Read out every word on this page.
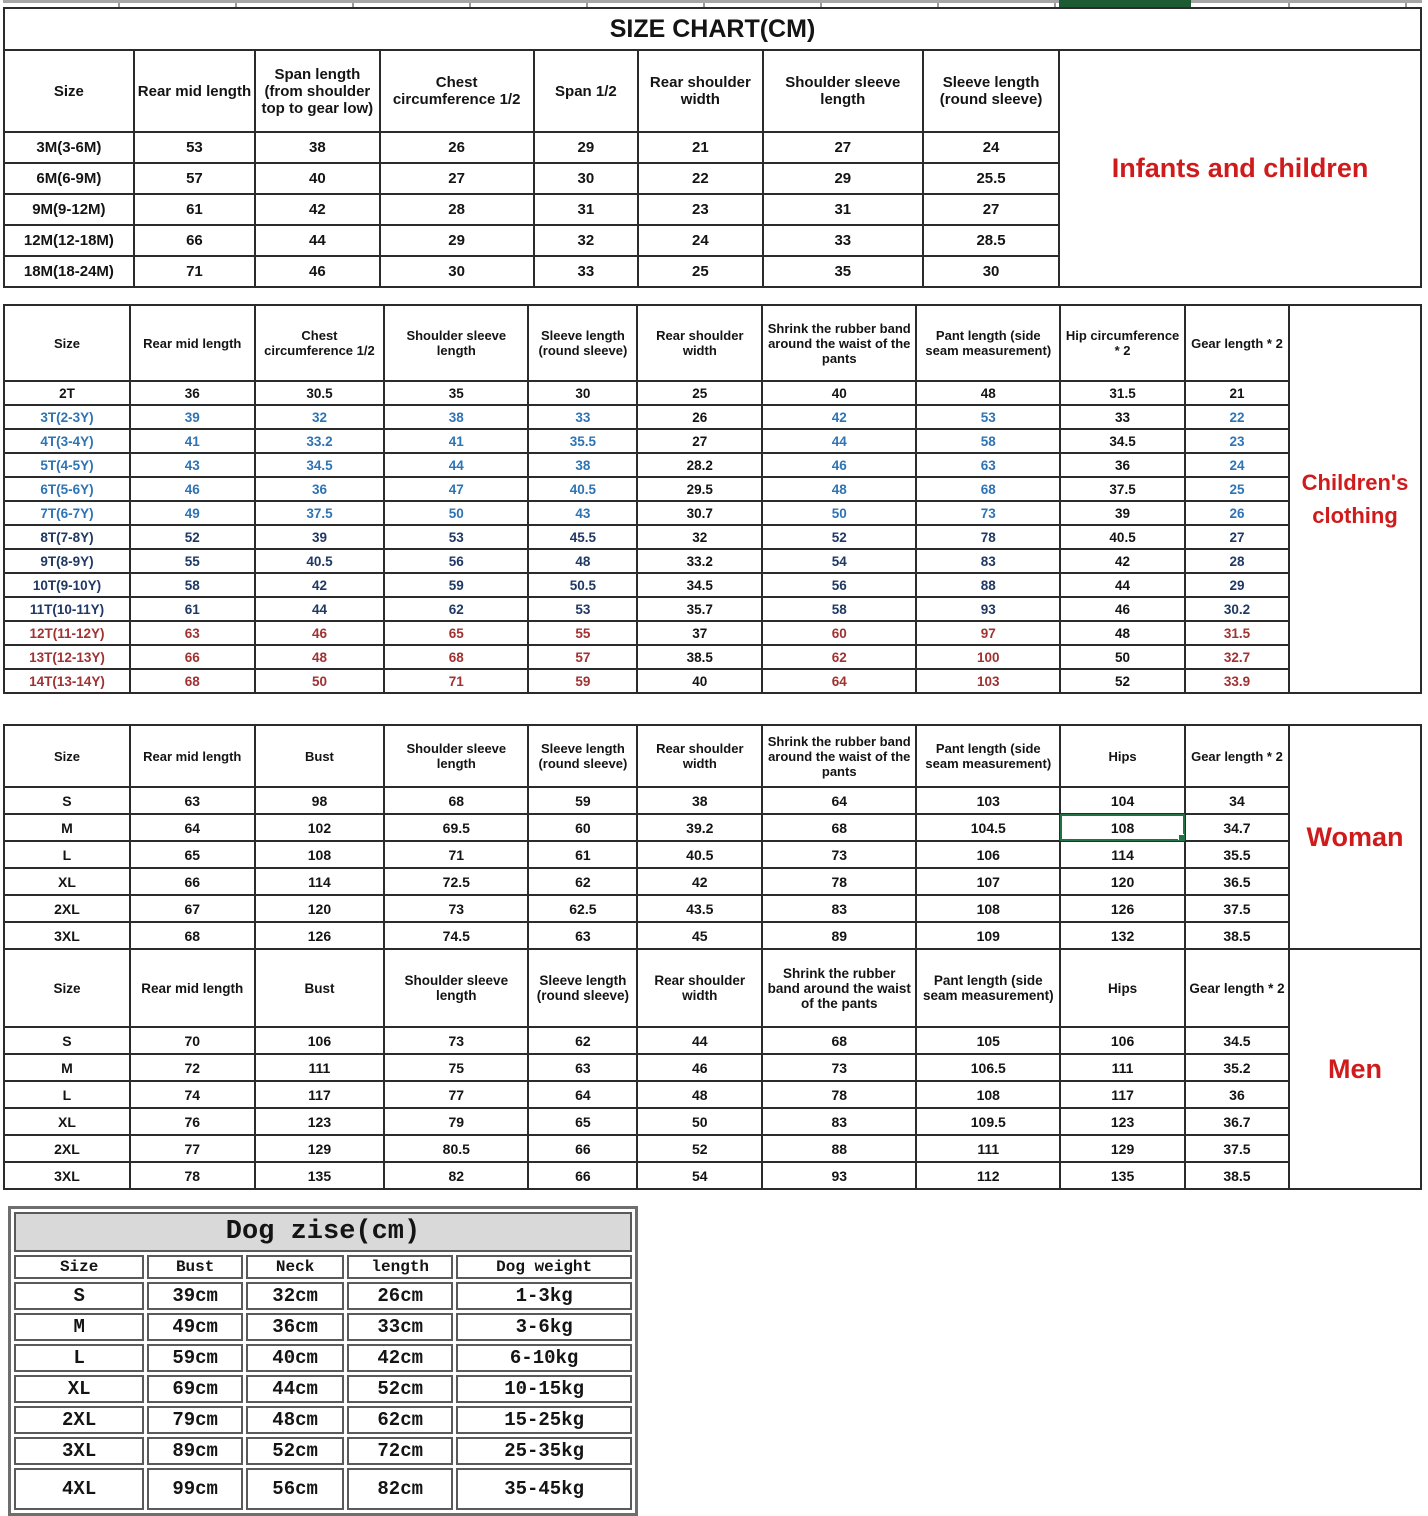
SIZE CHART(CM)
Size	Rear mid length	Span length (from shoulder top to gear low)	Chest circumference 1/2	Span 1/2	Rear shoulder width	Shoulder sleeve length	Sleeve length (round sleeve)
3M(3-6M)	53	38	26	29	21	27	24
6M(6-9M)	57	40	27	30	22	29	25.5
9M(9-12M)	61	42	28	31	23	31	27
12M(12-18M)	66	44	29	32	24	33	28.5
18M(18-24M)	71	46	30	33	25	35	30
Infants and children
Size	Rear mid length	Chest circumference 1/2	Shoulder sleeve length	Sleeve length (round sleeve)	Rear shoulder width	Shrink the rubber band around the waist of the pants	Pant length (side seam measurement)	Hip circumference * 2	Gear length * 2
2T	36	30.5	35	30	25	40	48	31.5	21
3T(2-3Y)	39	32	38	33	26	42	53	33	22
4T(3-4Y)	41	33.2	41	35.5	27	44	58	34.5	23
5T(4-5Y)	43	34.5	44	38	28.2	46	63	36	24
6T(5-6Y)	46	36	47	40.5	29.5	48	68	37.5	25
7T(6-7Y)	49	37.5	50	43	30.7	50	73	39	26
8T(7-8Y)	52	39	53	45.5	32	52	78	40.5	27
9T(8-9Y)	55	40.5	56	48	33.2	54	83	42	28
10T(9-10Y)	58	42	59	50.5	34.5	56	88	44	29
11T(10-11Y)	61	44	62	53	35.7	58	93	46	30.2
12T(11-12Y)	63	46	65	55	37	60	97	48	31.5
13T(12-13Y)	66	48	68	57	38.5	62	100	50	32.7
14T(13-14Y)	68	50	71	59	40	64	103	52	33.9
Children's clothing
Size	Rear mid length	Bust	Shoulder sleeve length	Sleeve length (round sleeve)	Rear shoulder width	Shrink the rubber band around the waist of the pants	Pant length (side seam measurement)	Hips	Gear length * 2
S	63	98	68	59	38	64	103	104	34
M	64	102	69.5	60	39.2	68	104.5	108	34.7
L	65	108	71	61	40.5	73	106	114	35.5
XL	66	114	72.5	62	42	78	107	120	36.5
2XL	67	120	73	62.5	43.5	83	108	126	37.5
3XL	68	126	74.5	63	45	89	109	132	38.5
Woman
Size	Rear mid length	Bust	Shoulder sleeve length	Sleeve length (round sleeve)	Rear shoulder width	Shrink the rubber band around the waist of the pants	Pant length (side seam measurement)	Hips	Gear length * 2
S	70	106	73	62	44	68	105	106	34.5
M	72	111	75	63	46	73	106.5	111	35.2
L	74	117	77	64	48	78	108	117	36
XL	76	123	79	65	50	83	109.5	123	36.7
2XL	77	129	80.5	66	52	88	111	129	37.5
3XL	78	135	82	66	54	93	112	135	38.5
Men
Dog zise(cm)				
Size	Bust	Neck	length	Dog weight
S	39cm	32cm	26cm	1-3kg
M	49cm	36cm	33cm	3-6kg
L	59cm	40cm	42cm	6-10kg
XL	69cm	44cm	52cm	10-15kg
2XL	79cm	48cm	62cm	15-25kg
3XL	89cm	52cm	72cm	25-35kg
4XL	99cm	56cm	82cm	35-45kg
